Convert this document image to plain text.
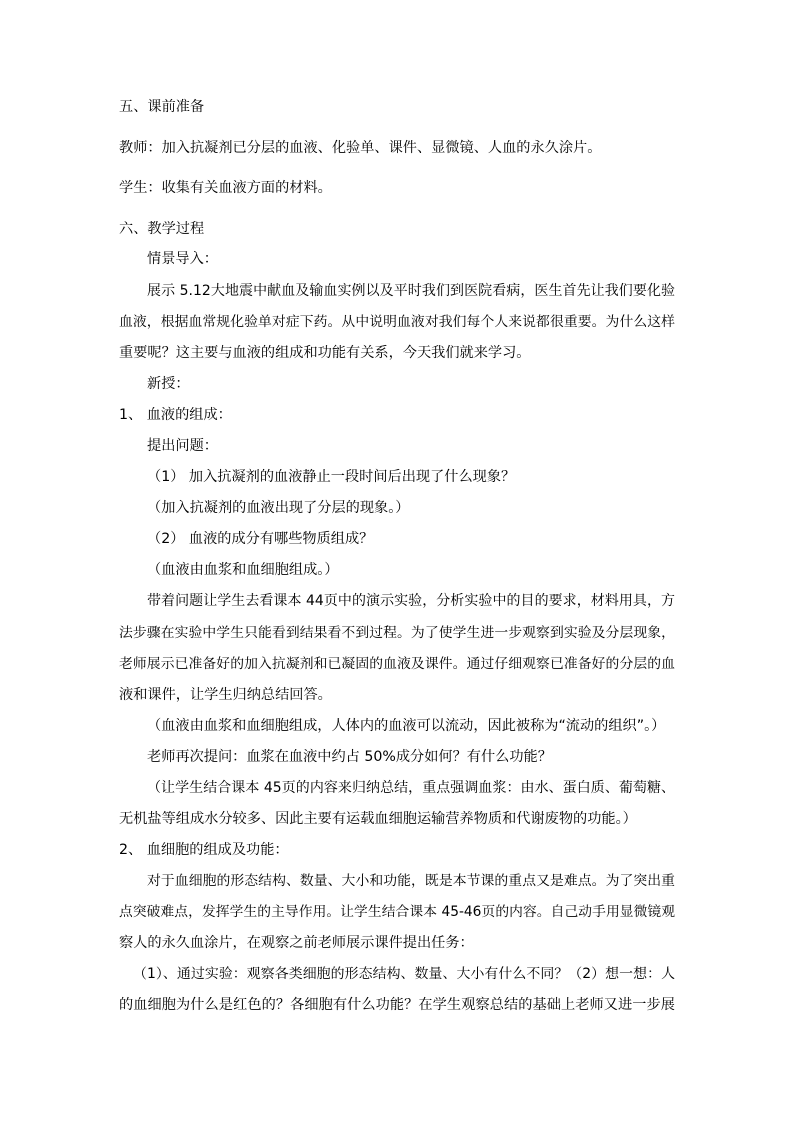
五、课前准备
教师：加入抗凝剂已分层的血液、化验单、课件、显微镜、人血的永久涂片。
学生：收集有关血液方面的材料。
六、教学过程
情景导入：
展示 5.12大地震中献血及输血实例以及平时我们到医院看病，医生首先让我们要化验
血液，根据血常规化验单对症下药。从中说明血液对我们每个人来说都很重要。为什么这样
重要呢？这主要与血液的组成和功能有关系，今天我们就来学习。
新授：
1、 血液的组成：
提出问题：
（1） 加入抗凝剂的血液静止一段时间后出现了什么现象？
（加入抗凝剂的血液出现了分层的现象。）
（2） 血液的成分有哪些物质组成？
（血液由血浆和血细胞组成。）
带着问题让学生去看课本 44页中的演示实验，分析实验中的目的要求，材料用具，方
法步骤在实验中学生只能看到结果看不到过程。为了使学生进一步观察到实验及分层现象，
老师展示已准备好的加入抗凝剂和已凝固的血液及课件。通过仔细观察已准备好的分层的血
液和课件，让学生归纳总结回答。
（血液由血浆和血细胞组成，人体内的血液可以流动，因此被称为“流动的组织”。）
老师再次提问：血浆在血液中约占 50%成分如何？有什么功能？
（让学生结合课本 45页的内容来归纳总结，重点强调血浆：由水、蛋白质、葡萄糖、
无机盐等组成水分较多、因此主要有运载血细胞运输营养物质和代谢废物的功能。）
2、 血细胞的组成及功能：
对于血细胞的形态结构、数量、大小和功能，既是本节课的重点又是难点。为了突出重
点突破难点，发挥学生的主导作用。让学生结合课本 45-46页的内容。自己动手用显微镜观
察人的永久血涂片，在观察之前老师展示课件提出任务：
（1）、通过实验：观察各类细胞的形态结构、数量、大小有什么不同？（2）想一想：人
的血细胞为什么是红色的？各细胞有什么功能？在学生观察总结的基础上老师又进一步展
